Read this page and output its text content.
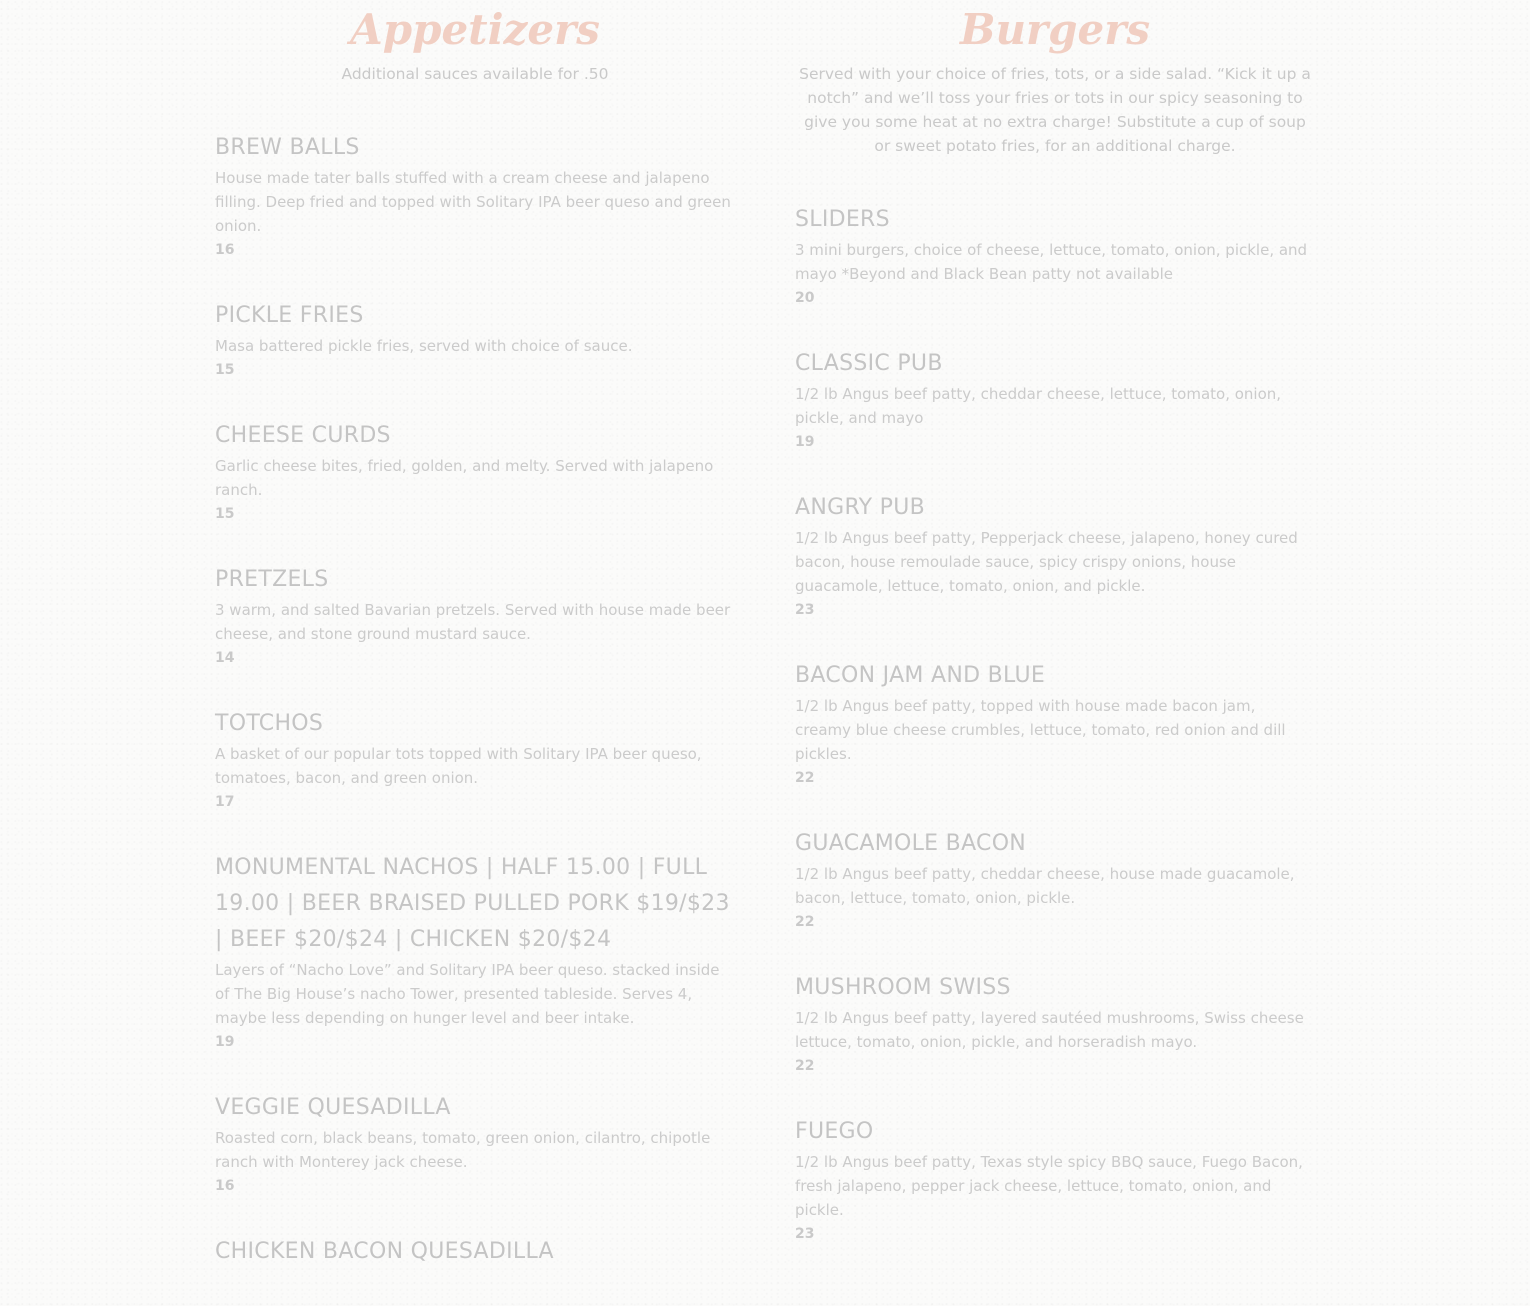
Appetizers

Additional sauces available for .50

BREW BALLS

House made tater balls stuffed with a cream cheese and jalapeno filling. Deep fried and topped with Solitary IPA beer queso and green onion.

16

PICKLE FRIES

Masa battered pickle fries, served with choice of sauce.

15

CHEESE CURDS

Garlic cheese bites, fried, golden, and melty. Served with jalapeno ranch.

15

PRETZELS

3 warm, and salted Bavarian pretzels. Served with house made beer cheese, and stone ground mustard sauce.

14

TOTCHOS

A basket of our popular tots topped with Solitary IPA beer queso, tomatoes, bacon, and green onion.

17

MONUMENTAL NACHOS | HALF 15.00 | FULL 19.00 | BEER BRAISED PULLED PORK $19/$23 | BEEF $20/$24 | CHICKEN $20/$24

Layers of “Nacho Love” and Solitary IPA beer queso. stacked inside of The Big House’s nacho Tower, presented tableside. Serves 4, maybe less depending on hunger level and beer intake.

19

VEGGIE QUESADILLA

Roasted corn, black beans, tomato, green onion, cilantro, chipotle ranch with Monterey jack cheese.

16

CHICKEN BACON QUESADILLA

Burgers

Served with your choice of fries, tots, or a side salad. “Kick it up a notch” and we’ll toss your fries or tots in our spicy seasoning to give you some heat at no extra charge! Substitute a cup of soup or sweet potato fries, for an additional charge.

SLIDERS

3 mini burgers, choice of cheese, lettuce, tomato, onion, pickle, and mayo *Beyond and Black Bean patty not available

20

CLASSIC PUB

1/2 lb Angus beef patty, cheddar cheese, lettuce, tomato, onion, pickle, and mayo

19

ANGRY PUB

1/2 lb Angus beef patty, Pepperjack cheese, jalapeno, honey cured bacon, house remoulade sauce, spicy crispy onions, house guacamole, lettuce, tomato, onion, and pickle.

23

BACON JAM AND BLUE

1/2 lb Angus beef patty, topped with house made bacon jam, creamy blue cheese crumbles, lettuce, tomato, red onion and dill pickles.

22

GUACAMOLE BACON

1/2 lb Angus beef patty, cheddar cheese, house made guacamole, bacon, lettuce, tomato, onion, pickle.

22

MUSHROOM SWISS

1/2 lb Angus beef patty, layered sautéed mushrooms, Swiss cheese lettuce, tomato, onion, pickle, and horseradish mayo.

22

FUEGO

1/2 lb Angus beef patty, Texas style spicy BBQ sauce, Fuego Bacon, fresh jalapeno, pepper jack cheese, lettuce, tomato, onion, and pickle.

23
